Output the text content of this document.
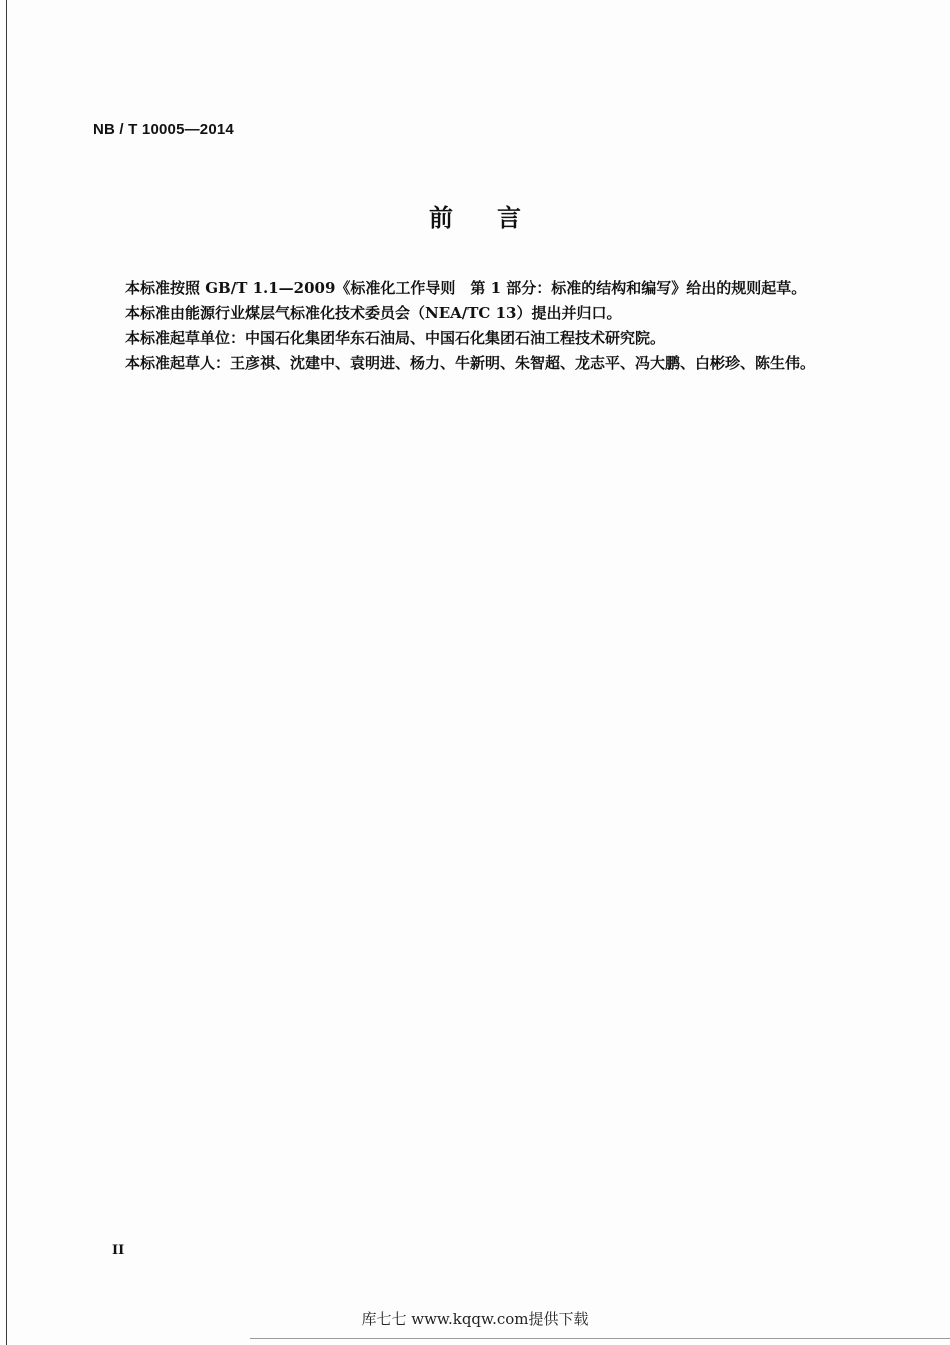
NB / T 10005—2014
前言

本标准按照 GB/T 1.1—2009《标准化工作导则　第 1 部分：标准的结构和编写》给出的规则起草。

本标准由能源行业煤层气标准化技术委员会（NEA/TC 13）提出并归口。

本标准起草单位：中国石化集团华东石油局、中国石化集团石油工程技术研究院。

本标准起草人：王彦祺、沈建中、袁明进、杨力、牛新明、朱智超、龙志平、冯大鹏、白彬珍、陈生伟。

II
库七七 www.kqqw.com提供下载
